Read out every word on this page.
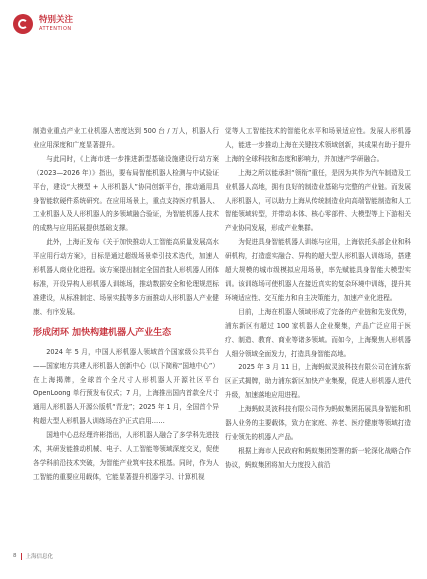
特别关注
ATTENTION

制造业重点产业工业机器人密度达到 500 台 / 万人，机器人行业应用深度和广度显著提升。

与此同时，《上海市进一步推进新型基础设施建设行动方案（2023—2026 年）》指出，要布局智能机器人检测与中试验证平台，建设“大模型 + 人形机器人”协同创新平台，推动通用具身智能软硬件系统研究。在应用场景上，重点支持医疗机器人、工业机器人及人形机器人的多领域融合验证，为智能机器人技术的成熟与应用拓展提供基础支撑。

此外，上海正发布《关于加快推动人工智能高质量发展高水平应用行动方案》，目标是通过超级场景牵引技术迭代，加速人形机器人商业化进程。该方案提出制定全国首批人形机器人团体标准，开设异构人形机器人训练场，推动数据安全和伦理规范标准建设，从标准制定、场景实践等多方面推动人形机器人产业健康、有序发展。

形成闭环 加快构建机器人产业生态

2024 年 5 月，中国人形机器人领域首个国家级公共平台——国家地方共建人形机器人创新中心（以下简称“国地中心”）在上海揭牌，全球首个全尺寸人形机器人开源社区平台 OpenLoong 单行预发布仪式；7 月，上海推出国内首款全尺寸通用人形机器人开源公版机“青龙”；2025 年 1 月，全国首个异构超大型人形机器人训练场在沪正式启用……

国地中心总经理许彬指出，人形机器人融合了多学科先进技术，其研发能推动机械、电子、人工智能等领域深度交叉，促使各学科前沿技术突破，为智能产业筑牢技术根基。同时，作为人工智能的重要应用载体，它能显著提升机器学习、计算机视

觉等人工智能技术的智能化水平和场景适应性。发展人形机器人，能进一步推动上海在关键技术领域创新，其成果有助于提升上海的全球科技和态度和影响力，并加速产学研融合。

上海之所以能承担“领衔”重任，是因为其作为汽车制造及工业机器人高地，拥有良好的制造业基础与完整的产业链。而发展人形机器人，可以助力上海从传统制造业向高端智能制造和人工智能领域转型，并带动本体、核心零部件、大模型等上下游相关产业协同发展，形成产业集群。

为促进具身智能机器人训练与应用，上海依托头部企业和科研机构，打造虚实融合、异构的超大型人形机器人训练场，搭建超大规模的城市级模拟应用场景，率先赋能具身智能大模型实训。该训练场可使机器人在接近真实的复杂环境中训练，提升其环境适应性、交互能力和自主决策能力，加速产业化进程。

目前，上海在机器人领域形成了完备的产业链和先发优势，浦东新区有超过 100 家机器人企业聚集，产品广泛应用于医疗、制造、教育、商业等诸多领域。而如今，上海聚焦人形机器人细分领域全面发力，打造具身智能高地。

2025 年 3 月 11 日，上海蚂蚁灵波科技有限公司在浦东新区正式揭牌，助力浦东新区加快产业集聚，促进人形机器人进代升级，加速落地应用进程。

上海蚂蚁灵波科技有限公司作为蚂蚁集团拓展具身智能和机器人业务的主要载体，致力在家庭、养老、医疗健康等领域打造行业领先的机器人产品。

根据上海市人民政府和蚂蚁集团签署的新一轮深化战略合作协议，蚂蚁集团将加大力度投入前沿

8 上海信息化
